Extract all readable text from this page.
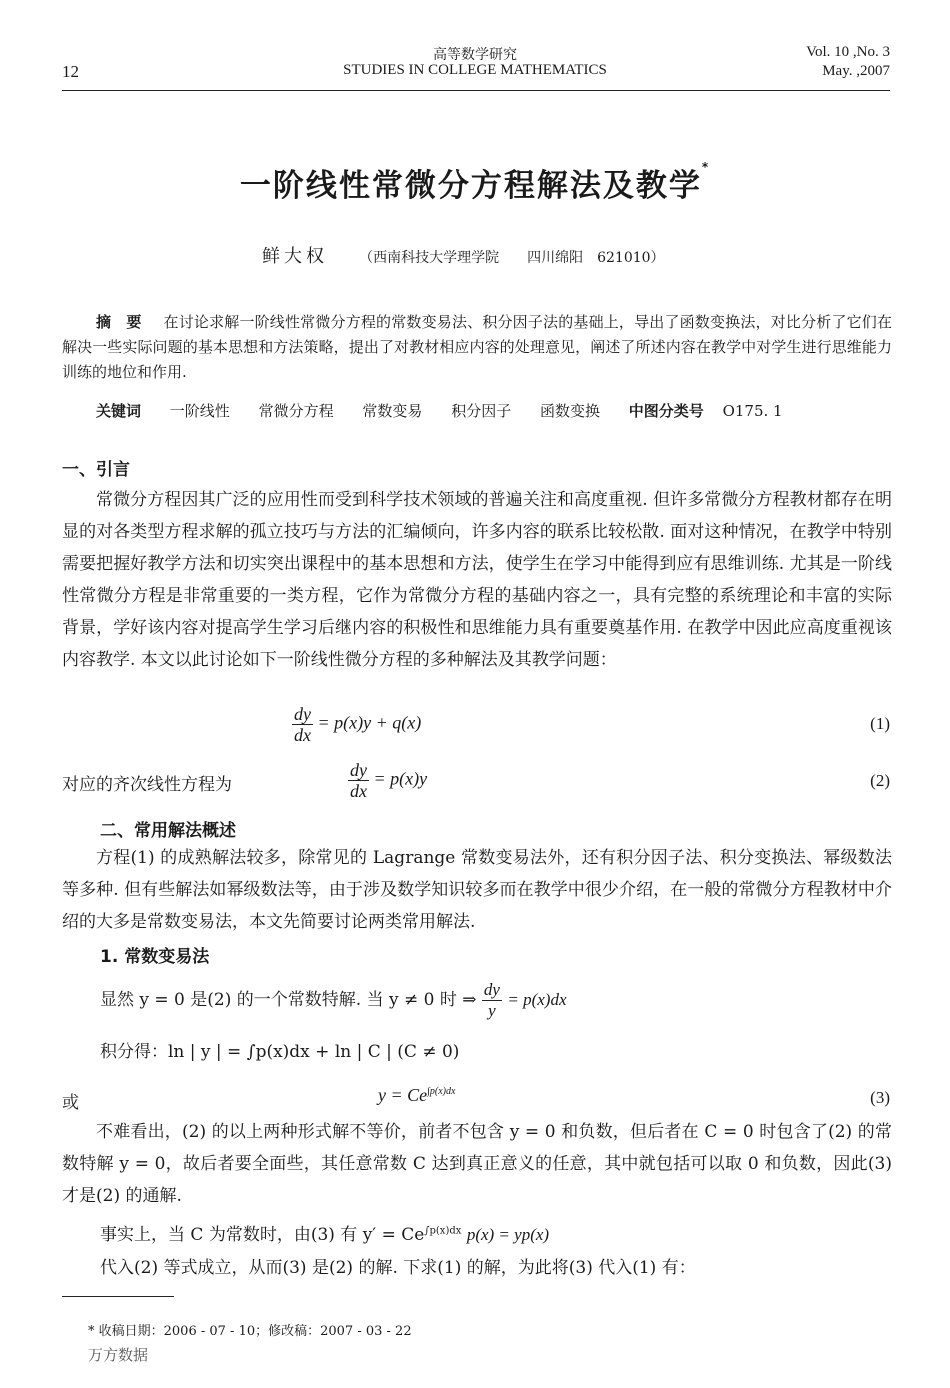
12
高等数学研究
STUDIES IN COLLEGE MATHEMATICS
Vol. 10 ,No. 3
May. ,2007
一阶线性常微分方程解法及教学*
鲜大权 （西南科技大学理学院　　四川绵阳　621010）
摘　要 在讨论求解一阶线性常微分方程的常数变易法、积分因子法的基础上，导出了函数变换法，对比分析了它们在解决一些实际问题的基本思想和方法策略，提出了对教材相应内容的处理意见，阐述了所述内容在教学中对学生进行思维能力训练的地位和作用.
关键词 一阶线性 常微分方程 常数变易 积分因子 函数变换 中图分类号 O175. 1
一、引言
常微分方程因其广泛的应用性而受到科学技术领域的普遍关注和高度重视. 但许多常微分方程教材都存在明显的对各类型方程求解的孤立技巧与方法的汇编倾向，许多内容的联系比较松散. 面对这种情况，在教学中特别需要把握好教学方法和切实突出课程中的基本思想和方法，使学生在学习中能得到应有思维训练. 尤其是一阶线性常微分方程是非常重要的一类方程，它作为常微分方程的基础内容之一，具有完整的系统理论和丰富的实际背景，学好该内容对提高学生学习后继内容的积极性和思维能力具有重要奠基作用. 在教学中因此应高度重视该内容教学. 本文以此讨论如下一阶线性微分方程的多种解法及其教学问题：
$\frac{dy}{dx} = p(x)y + q(x)$	(1)
对应的齐次线性方程为	$\frac{dy}{dx} = p(x)y$	(2)
二、常用解法概述
方程(1) 的成熟解法较多，除常见的 Lagrange 常数变易法外，还有积分因子法、积分变换法、幂级数法等多种. 但有些解法如幂级数法等，由于涉及数学知识较多而在教学中很少介绍，在一般的常微分方程教材中介绍的大多是常数变易法，本文先简要讨论两类常用解法.
1. 常数变易法
显然 y = 0 是(2) 的一个常数特解. 当 y ≠ 0 时 ⇒ $\frac{dy}{y} = p(x)dx$
积分得：ln | y | = ∫p(x)dx + ln | C | (C ≠ 0)
或	$y = Ce^{\int p(x)dx}$	(3)
不难看出，(2) 的以上两种形式解不等价，前者不包含 y = 0 和负数，但后者在 C = 0 时包含了(2) 的常数特解 y = 0，故后者要全面些，其任意常数 C 达到真正意义的任意，其中就包括可以取 0 和负数，因此(3) 才是(2) 的通解.
事实上，当 C 为常数时，由(3) 有 $y' = Ce^{\int p(x)dx}$ p(x) = yp(x)
代入(2) 等式成立，从而(3) 是(2) 的解. 下求(1) 的解，为此将(3) 代入(1) 有：
* 收稿日期：2006 - 07 - 10；修改稿：2007 - 03 - 22
万方数据
